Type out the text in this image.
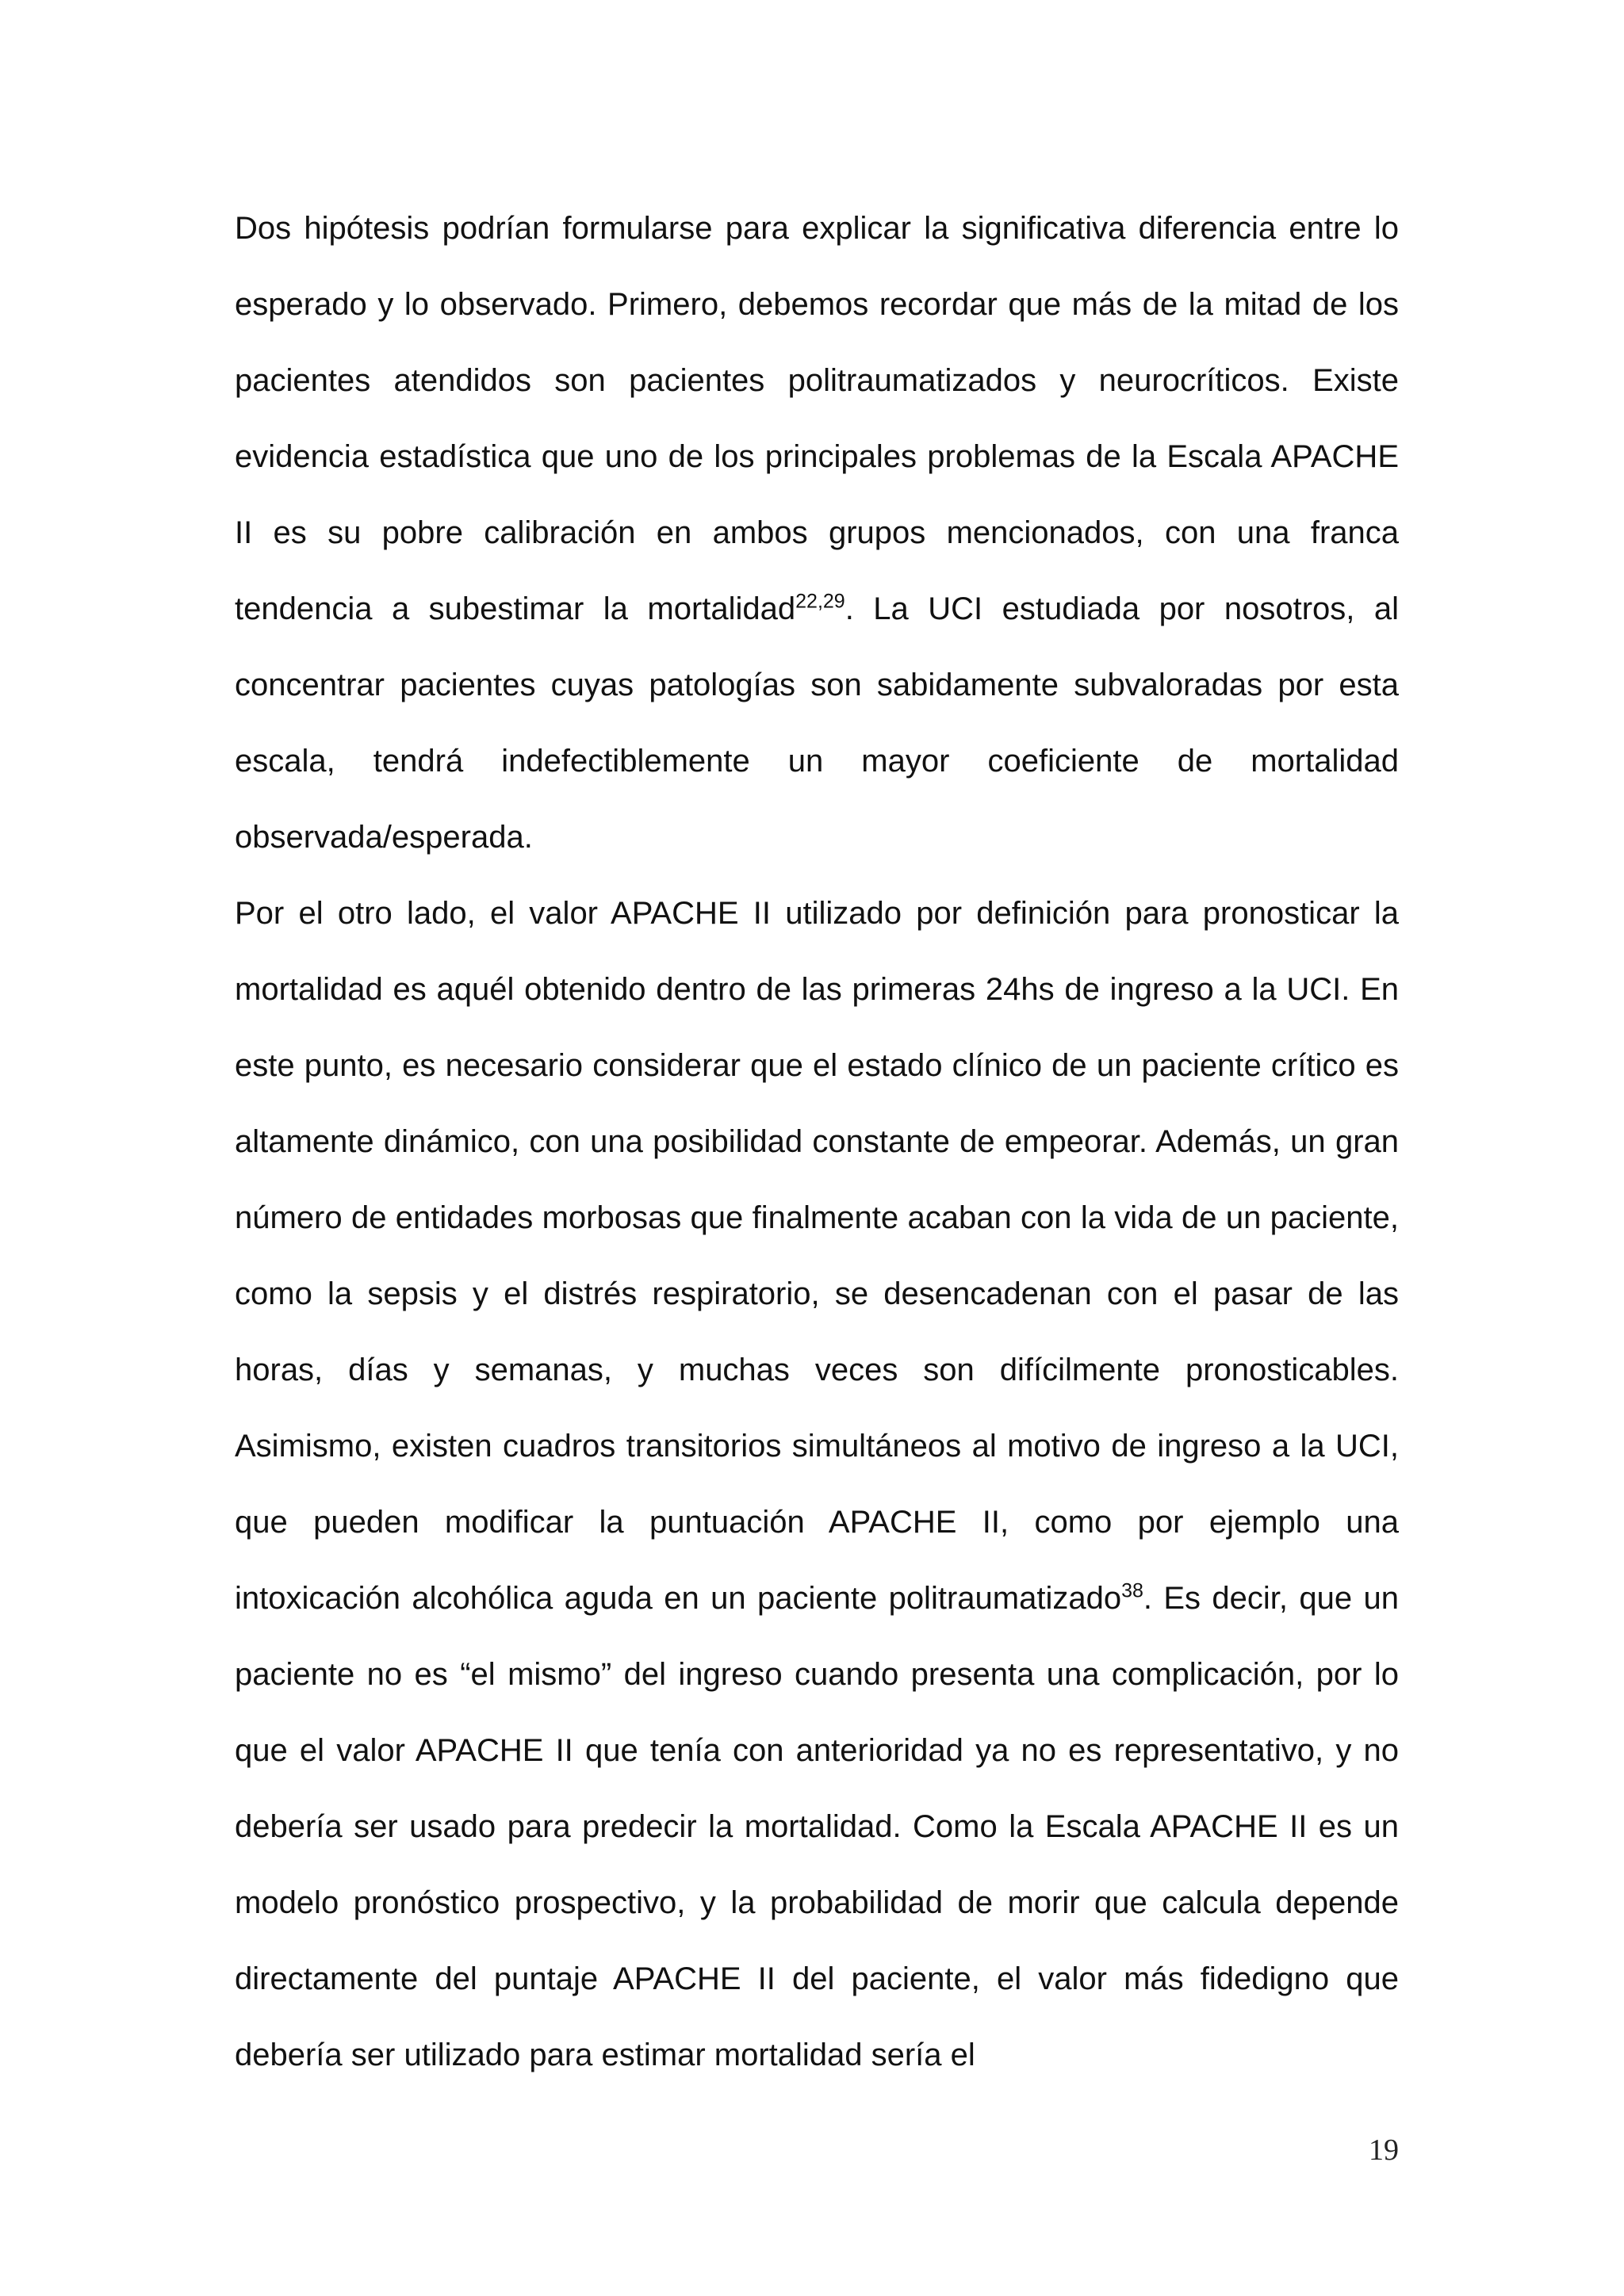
Dos hipótesis podrían formularse para explicar la significativa diferencia entre lo esperado y lo observado. Primero, debemos recordar que más de la mitad de los pacientes atendidos son pacientes politraumatizados y neurocríticos. Existe evidencia estadística que uno de los principales problemas de la Escala APACHE II es su pobre calibración en ambos grupos mencionados, con una franca tendencia a subestimar la mortalidad$^{22,29}$. La UCI estudiada por nosotros, al concentrar pacientes cuyas patologías son sabidamente subvaloradas por esta escala, tendrá indefectiblemente un mayor coeficiente de mortalidad observada/esperada.

Por el otro lado, el valor APACHE II utilizado por definición para pronosticar la mortalidad es aquél obtenido dentro de las primeras 24hs de ingreso a la UCI. En este punto, es necesario considerar que el estado clínico de un paciente crítico es altamente dinámico, con una posibilidad constante de empeorar. Además, un gran número de entidades morbosas que finalmente acaban con la vida de un paciente, como la sepsis y el distrés respiratorio, se desencadenan con el pasar de las horas, días y semanas, y muchas veces son difícilmente pronosticables. Asimismo, existen cuadros transitorios simultáneos al motivo de ingreso a la UCI, que pueden modificar la puntuación APACHE II, como por ejemplo una intoxicación alcohólica aguda en un paciente politraumatizado$^{38}$. Es decir, que un paciente no es “el mismo” del ingreso cuando presenta una complicación, por lo que el valor APACHE II que tenía con anterioridad ya no es representativo, y no debería ser usado para predecir la mortalidad. Como la Escala APACHE II es un modelo pronóstico prospectivo, y la probabilidad de morir que calcula depende directamente del puntaje APACHE II del paciente, el valor más fidedigno que debería ser utilizado para estimar mortalidad sería el

19
